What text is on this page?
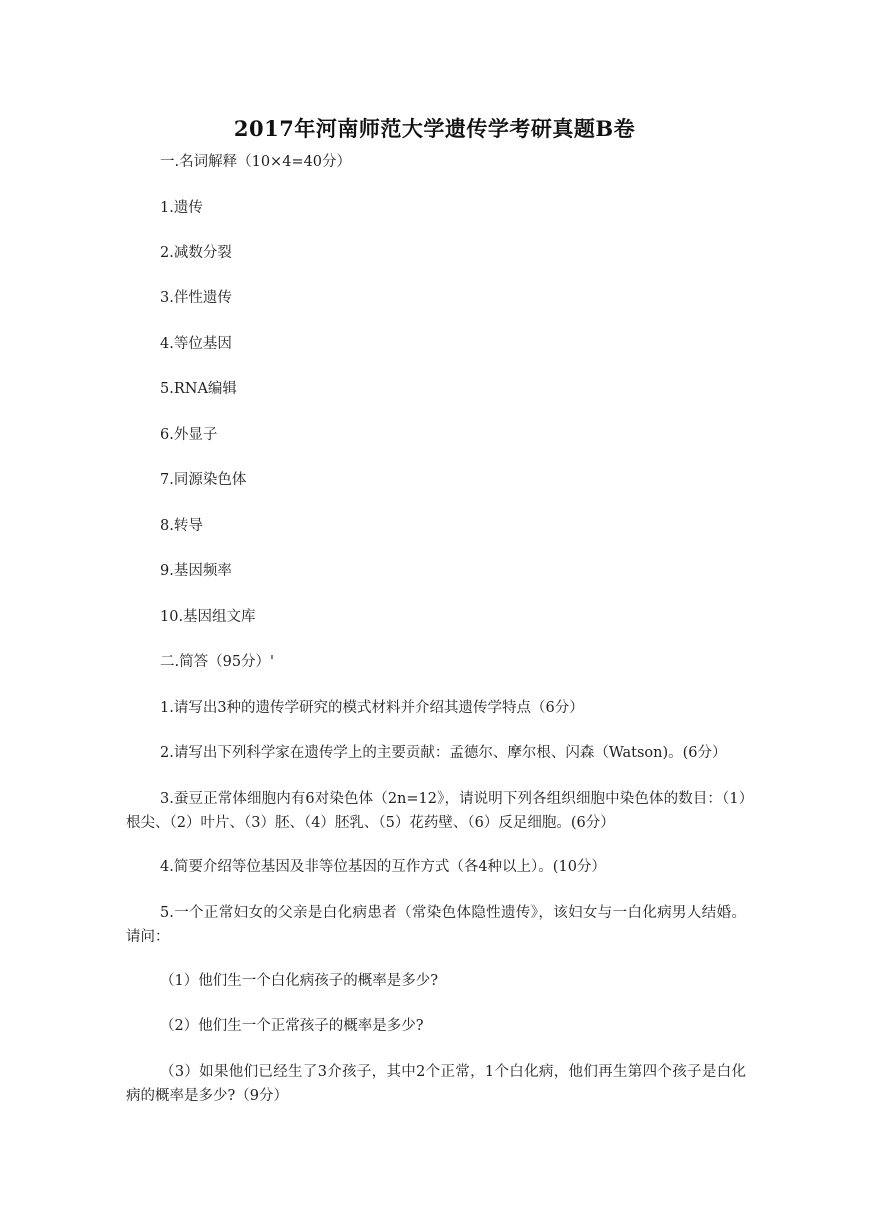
2017年河南师范大学遗传学考研真题B卷
一.名词解释（10×4=40分）
1.遗传
2.减数分裂
3.伴性遗传
4.等位基因
5.RNA编辑
6.外显子
7.同源染色体
8.转导
9.基因频率
10.基因组文库
二.简答（95分）'
1.请写出3种的遗传学研究的模式材料并介绍其遗传学特点（6分）
2.请写出下列科学家在遗传学上的主要贡献：孟德尔、摩尔根、闪森（Watson)。(6分）
3.蚕豆正常体细胞内有6对染色体（2n=12》，请说明下列各组织细胞中染色体的数目：（1）根尖、（2）叶片、（3）胚、（4）胚乳、（5）花药壁、（6）反足细胞。(6分）
4.简要介绍等位基因及非等位基因的互作方式（各4种以上）。(10分）
5.一个正常妇女的父亲是白化病患者（常染色体隐性遗传》，该妇女与一白化病男人结婚。请问：
（1）他们生一个白化病孩子的概率是多少?
（2）他们生一个正常孩子的概率是多少?
（3）如果他们已经生了3介孩子，其中2个正常，1个白化病，他们再生第四个孩子是白化病的概率是多少?（9分）
